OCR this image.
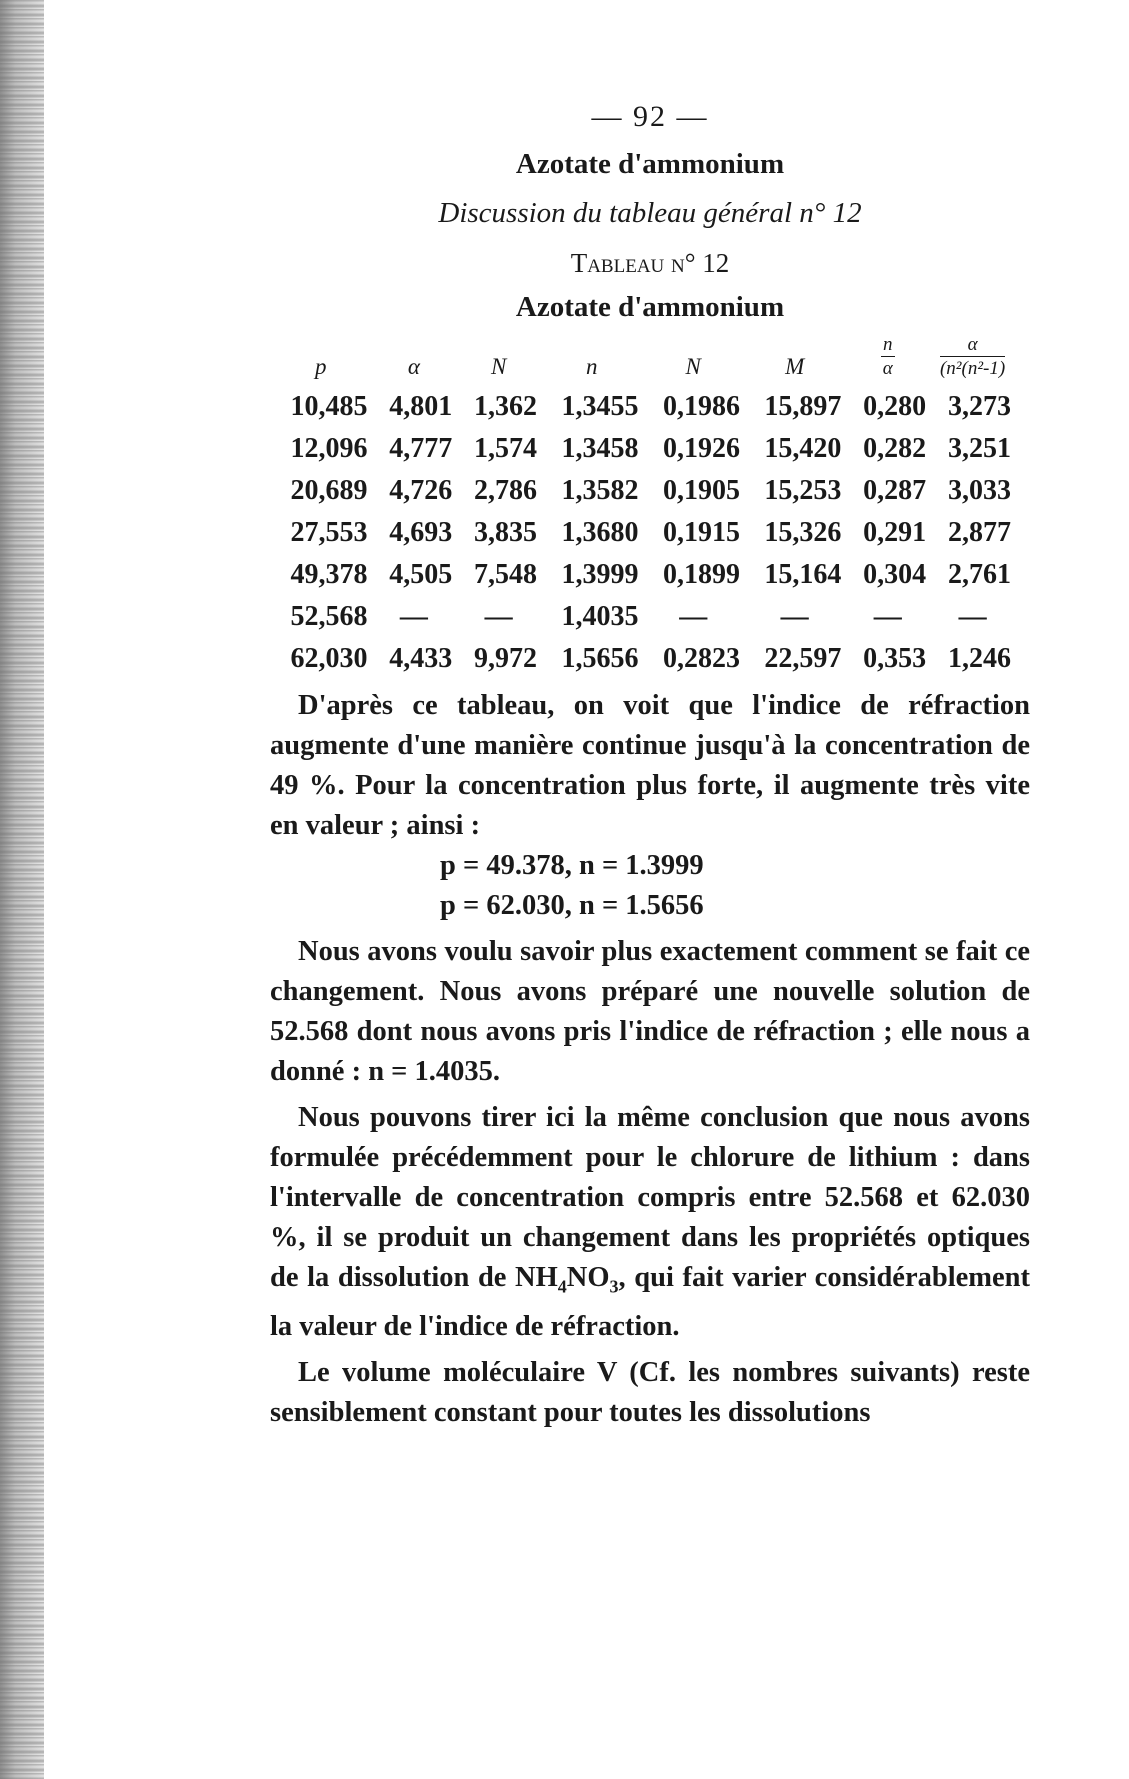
— 92 —
Azotate d'ammonium
Discussion du tableau général n° 12
Tableau n° 12
Azotate d'ammonium
p	α	N	n	N	M	$\frac{n}{\alpha}$	$\frac{\alpha}{\text{(n²(n²-1)}}$

10,485	4,801	1,362	1,3455	0,1986	15,897	0,280	3,273
12,096	4,777	1,574	1,3458	0,1926	15,420	0,282	3,251
20,689	4,726	2,786	1,3582	0,1905	15,253	0,287	3,033
27,553	4,693	3,835	1,3680	0,1915	15,326	0,291	2,877
49,378	4,505	7,548	1,3999	0,1899	15,164	0,304	2,761
52,568	—	—	1,4035	—	—	—	—
62,030	4,433	9,972	1,5656	0,2823	22,597	0,353	1,246

D'après ce tableau, on voit que l'indice de réfraction augmente d'une manière continue jusqu'à la concentration de 49 %. Pour la concentration plus forte, il augmente très vite en valeur ; ainsi :

p = 49.378, n = 1.3999
p = 62.030, n = 1.5656

Nous avons voulu savoir plus exactement comment se fait ce changement. Nous avons préparé une nouvelle solution de 52.568 dont nous avons pris l'indice de réfraction ; elle nous a donné : n = 1.4035.

Nous pouvons tirer ici la même conclusion que nous avons formulée précédemment pour le chlorure de lithium : dans l'intervalle de concentration compris entre 52.568 et 62.030 %, il se produit un changement dans les propriétés optiques de la dissolution de $NH_4NO_3$, qui fait varier considérablement la valeur de l'indice de réfraction.

Le volume moléculaire V (Cf. les nombres suivants) reste sensiblement constant pour toutes les dissolutions
